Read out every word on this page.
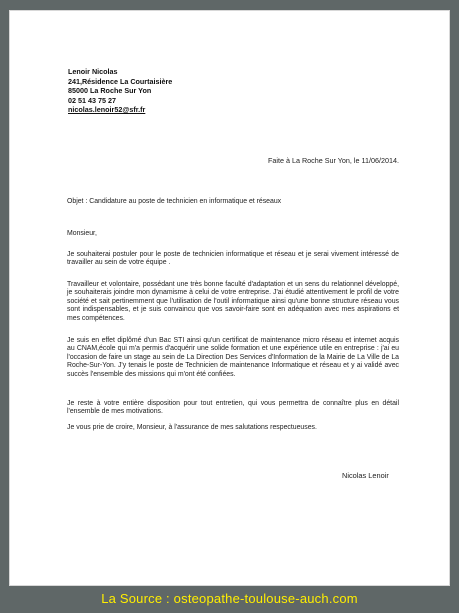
Lenoir Nicolas
241,Résidence La Courtaisière
85000 La Roche Sur Yon
02 51 43 75 27
nicolas.lenoir52@sfr.fr
Faite à La Roche Sur Yon, le 11/06/2014.

Objet : Candidature au poste de technicien en informatique et réseaux

Monsieur,

Je souhaiterai postuler pour le poste de technicien informatique et réseau et je serai vivement intéressé de travailler au sein de votre équipe .

Travailleur et volontaire, possédant une très bonne faculté d'adaptation et un sens du relationnel développé, je souhaiterais joindre mon dynamisme à celui de votre entreprise. J'ai étudié attentivement le profil de votre société et sait pertinemment que l'utilisation de l'outil informatique ainsi qu'une bonne structure réseau vous sont indispensables, et je suis convaincu que vos savoir-faire sont en adéquation avec mes aspirations et mes compétences.

Je suis en effet diplômé d'un Bac STI ainsi qu'un certificat de maintenance micro réseau et internet acquis au CNAM,école qui m'a permis d'acquérir une solide formation et une expérience utile en entreprise : j'ai eu l'occasion de faire un stage au sein de La Direction Des Services d'Information de la Mairie de La Ville de La Roche-Sur-Yon. J'y tenais le poste de Technicien de maintenance Informatique et réseau et y ai validé avec succès l'ensemble des missions qui m'ont été confiées.

Je reste à votre entière disposition pour tout entretien, qui vous permettra de connaître plus en détail l'ensemble de mes motivations.

Je vous prie de croire, Monsieur, à l'assurance de mes salutations respectueuses.

Nicolas Lenoir
La Source : osteopathe-toulouse-auch.com
